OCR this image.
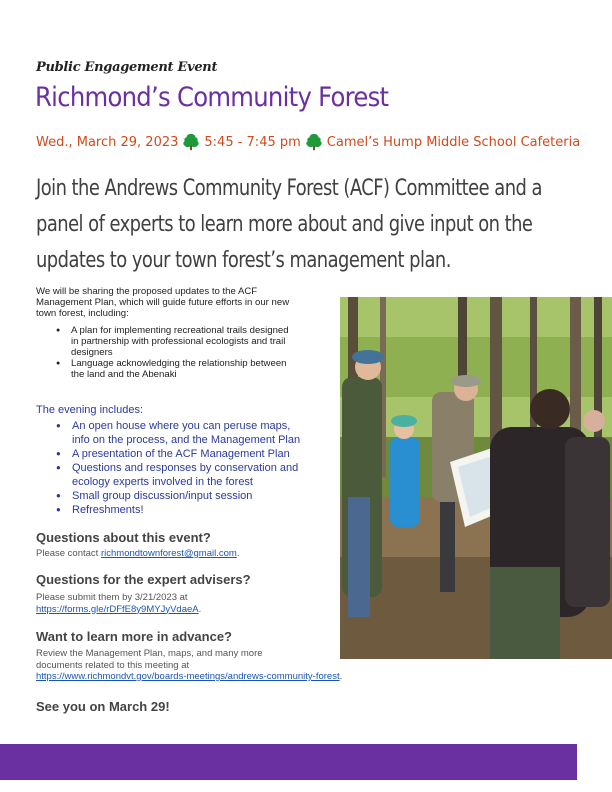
Public Engagement Event
Richmond’s Community Forest
Wed., March 29, 2023 5:45 - 7:45 pm Camel’s Hump Middle School Cafeteria
Join the Andrews Community Forest (ACF) Committee and a
panel of experts to learn more about and give input on the
updates to your town forest’s management plan.
We will be sharing the proposed updates to the ACF
Management Plan, which will guide future efforts in our new
town forest, including:
● A plan for implementing recreational trails designed
in partnership with professional ecologists and trail
designers
● Language acknowledging the relationship between
the land and the Abenaki
The evening includes:
● An open house where you can peruse maps,
info on the process, and the Management Plan
● A presentation of the ACF Management Plan
● Questions and responses by conservation and
ecology experts involved in the forest
● Small group discussion/input session
● Refreshments!
Questions about this event?
Please contact richmondtownforest@gmail.com.
Questions for the expert advisers?
Please submit them by 3/21/2023 at
https://forms.gle/rDFfE8y9MYJyVdaeA.
Want to learn more in advance?
Review the Management Plan, maps, and many more
documents related to this meeting at
https://www.richmondvt.gov/boards-meetings/andrews-community-forest.
See you on March 29!
